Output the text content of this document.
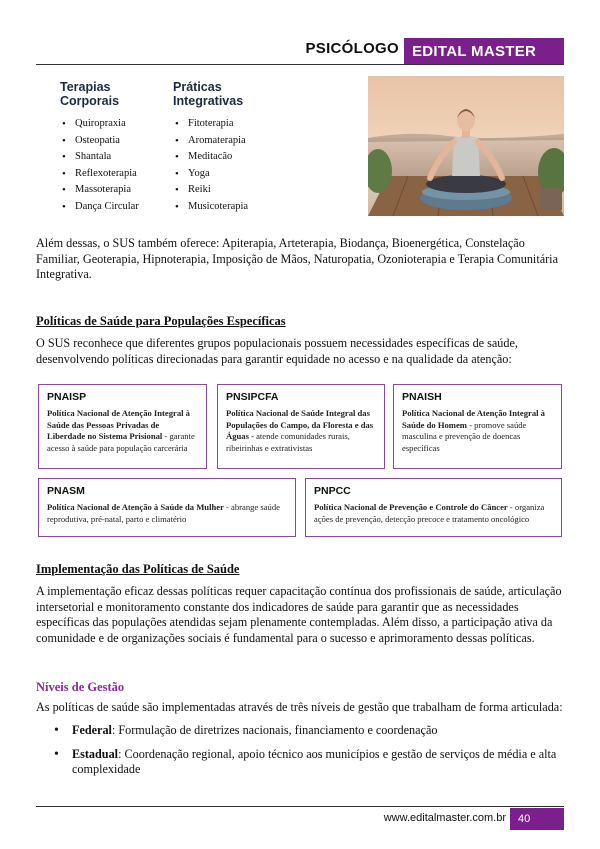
PSICÓLOGO EDITAL MASTER
Terapias
Corporais
• Quiropraxia
• Osteopatia
• Shantala
• Reflexoterapia
• Massoterapia
• Dança Circular
Práticas
Integrativas
• Fitoterapia
• Aromaterapia
• Meditacão
• Yoga
• Reiki
• Musicoterapia

Além dessas, o SUS também oferece: Apiterapia, Arteterapia, Biodança, Bioenergética, Constelação Familiar, Geoterapia, Hipnoterapia, Imposição de Mãos, Naturopatia, Ozonioterapia e Terapia Comunitária Integrativa.

Políticas de Saúde para Populações Específicas

O SUS reconhece que diferentes grupos populacionais possuem necessidades específicas de saúde, desenvolvendo políticas direcionadas para garantir equidade no acesso e na qualidade da atenção:

PNAISP
Política Nacional de Atenção Integral à Saúde das Pessoas Privadas de Liberdade no Sistema Prisional - garante acesso à saúde para população carcerária
PNSIPCFA
Política Nacional de Saúde Integral das Populações do Campo, da Floresta e das Águas - atende comunidades rurais, ribeirinhas e extrativistas
PNAISH
Política Nacional de Atenção Integral à Saúde do Homem - promove saúde masculina e prevenção de doencas específicas
PNASM
Política Nacional de Atenção à Saúde da Mulher - abrange saúde reprodutiva, pré-natal, parto e climatério
PNPCC
Política Nacional de Prevenção e Controle do Câncer - organiza ações de prevenção, detecção precoce e tratamento oncológico
Implementação das Políticas de Saúde

A implementação eficaz dessas políticas requer capacitação contínua dos profissionais de saúde, articulação intersetorial e monitoramento constante dos indicadores de saúde para garantir que as necessidades específicas das populações atendidas sejam plenamente contempladas. Além disso, a participação ativa da comunidade e de organizações sociais é fundamental para o sucesso e aprimoramento dessas políticas.

Níveis de Gestão

As políticas de saúde são implementadas através de três níveis de gestão que trabalham de forma articulada:

• Federal: Formulação de diretrizes nacionais, financiamento e coordenação
• Estadual: Coordenação regional, apoio técnico aos municípios e gestão de serviços de média e alta complexidade
www.editalmaster.com.br	40
